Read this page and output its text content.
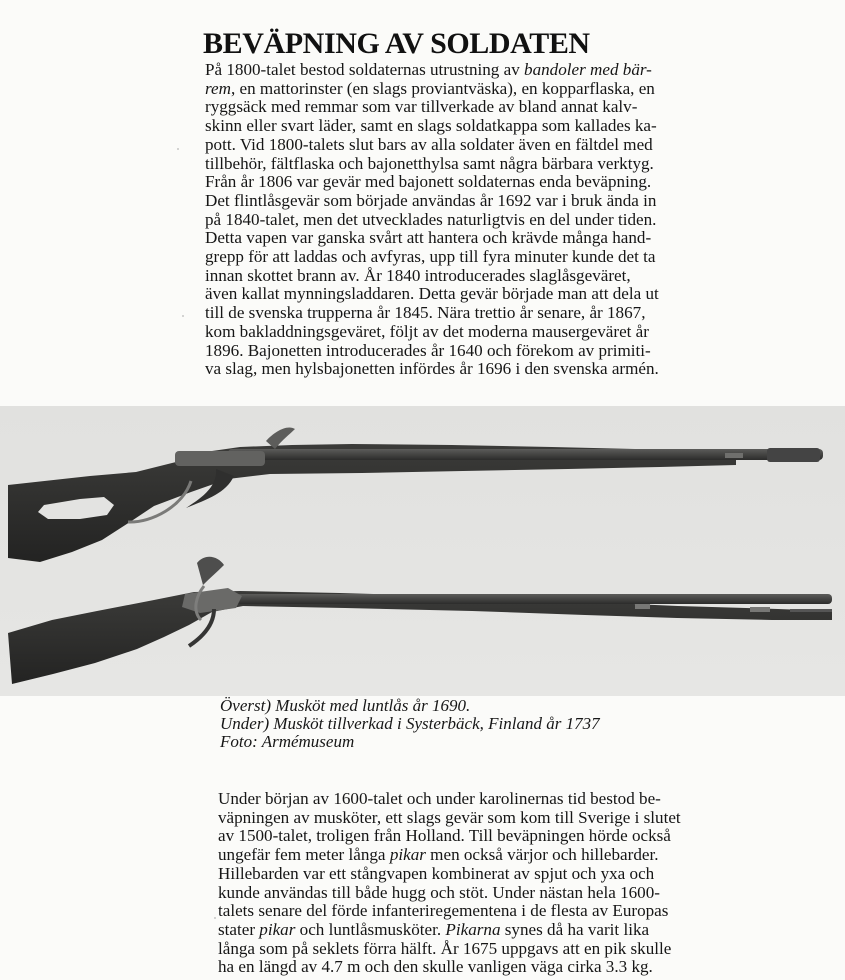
BEVÄPNING AV SOLDATEN
På 1800-talet bestod soldaternas utrustning av bandoler med bär-
rem, en mattorinster (en slags proviantväska), en kopparflaska, en
ryggsäck med remmar som var tillverkade av bland annat kalv-
skinn eller svart läder, samt en slags soldatkappa som kallades ka-
pott. Vid 1800-talets slut bars av alla soldater även en fältdel med
tillbehör, fältflaska och bajonetthylsa samt några bärbara verktyg.
Från år 1806 var gevär med bajonett soldaternas enda beväpning.
Det flintlåsgevär som började användas år 1692 var i bruk ända in
på 1840-talet, men det utvecklades naturligtvis en del under tiden.
Detta vapen var ganska svårt att hantera och krävde många hand-
grepp för att laddas och avfyras, upp till fyra minuter kunde det ta
innan skottet brann av. År 1840 introducerades slaglåsgeväret,
även kallat mynningsladdaren. Detta gevär började man att dela ut
till de svenska trupperna år 1845. Nära trettio år senare, år 1867,
kom bakladdningsgeväret, följt av det moderna mausergeväret år
1896. Bajonetten introducerades år 1640 och förekom av primiti-
va slag, men hylsbajonetten infördes år 1696 i den svenska armén.
Överst) Musköt med luntlås år 1690.
Under) Musköt tillverkad i Systerbäck, Finland år 1737
Foto: Armémuseum
Under början av 1600-talet och under karolinernas tid bestod be-
väpningen av musköter, ett slags gevär som kom till Sverige i slutet
av 1500-talet, troligen från Holland. Till beväpningen hörde också
ungefär fem meter långa pikar men också värjor och hillebarder.
Hillebarden var ett stångvapen kombinerat av spjut och yxa och
kunde användas till både hugg och stöt. Under nästan hela 1600-
talets senare del förde infanteriregementena i de flesta av Europas
stater pikar och luntlåsmusköter. Pikarna synes då ha varit lika
långa som på seklets förra hälft. År 1675 uppgavs att en pik skulle
ha en längd av 4.7 m och den skulle vanligen väga cirka 3.3 kg.
